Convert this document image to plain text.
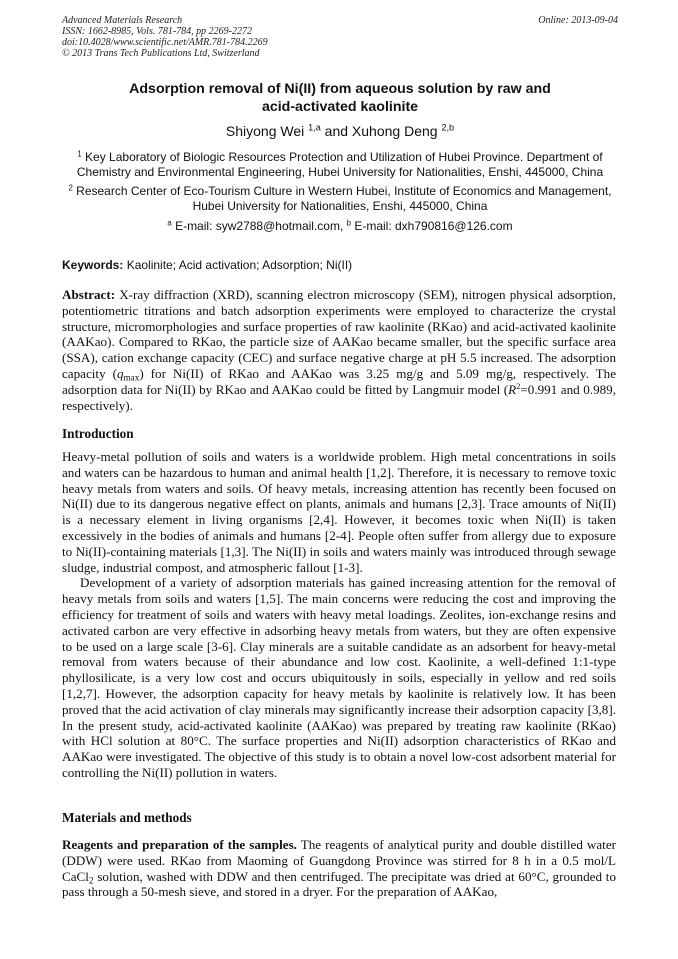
Advanced Materials Research
ISSN: 1662-8985, Vols. 781-784, pp 2269-2272
doi:10.4028/www.scientific.net/AMR.781-784.2269
© 2013 Trans Tech Publications Ltd, Switzerland
Online: 2013-09-04
Adsorption removal of Ni(II) from aqueous solution by raw and
acid-activated kaolinite
Shiyong Wei $^{1,a}$ and Xuhong Deng $^{2,b}$
$^1$ Key Laboratory of Biologic Resources Protection and Utilization of Hubei Province. Department of Chemistry and Environmental Engineering, Hubei University for Nationalities, Enshi, 445000, China
$^2$ Research Center of Eco-Tourism Culture in Western Hubei, Institute of Economics and Management, Hubei University for Nationalities, Enshi, 445000, China
$^a$ E-mail: syw2788@hotmail.com, $^b$ E-mail: dxh790816@126.com
Keywords: Kaolinite; Acid activation; Adsorption; Ni(II)

Abstract: X-ray diffraction (XRD), scanning electron microscopy (SEM), nitrogen physical adsorption, potentiometric titrations and batch adsorption experiments were employed to characterize the crystal structure, micromorphologies and surface properties of raw kaolinite (RKao) and acid-activated kaolinite (AAKao). Compared to RKao, the particle size of AAKao became smaller, but the specific surface area (SSA), cation exchange capacity (CEC) and surface negative charge at pH 5.5 increased. The adsorption capacity $(q_{max})$ for Ni(II) of RKao and AAKao was 3.25 mg/g and 5.09 mg/g, respectively. The adsorption data for Ni(II) by RKao and AAKao could be fitted by Langmuir model ($R^2=0.991$ and 0.989, respectively).

Introduction

Heavy-metal pollution of soils and waters is a worldwide problem. High metal concentrations in soils and waters can be hazardous to human and animal health [1,2]. Therefore, it is necessary to remove toxic heavy metals from waters and soils. Of heavy metals, increasing attention has recently been focused on Ni(II) due to its dangerous negative effect on plants, animals and humans [2,3]. Trace amounts of Ni(II) is a necessary element in living organisms [2,4]. However, it becomes toxic when Ni(II) is taken excessively in the bodies of animals and humans [2-4]. People often suffer from allergy due to exposure to Ni(II)-containing materials [1,3]. The Ni(II) in soils and waters mainly was introduced through sewage sludge, industrial compost, and atmospheric fallout [1-3].

Development of a variety of adsorption materials has gained increasing attention for the removal of heavy metals from soils and waters [1,5]. The main concerns were reducing the cost and improving the efficiency for treatment of soils and waters with heavy metal loadings. Zeolites, ion-exchange resins and activated carbon are very effective in adsorbing heavy metals from waters, but they are often expensive to be used on a large scale [3-6]. Clay minerals are a suitable candidate as an adsorbent for heavy-metal removal from waters because of their abundance and low cost. Kaolinite, a well-defined 1:1-type phyllosilicate, is a very low cost and occurs ubiquitously in soils, especially in yellow and red soils [1,2,7]. However, the adsorption capacity for heavy metals by kaolinite is relatively low. It has been proved that the acid activation of clay minerals may significantly increase their adsorption capacity [3,8]. In the present study, acid-activated kaolinite (AAKao) was prepared by treating raw kaolinite (RKao) with HCl solution at 80°C. The surface properties and Ni(II) adsorption characteristics of RKao and AAKao were investigated. The objective of this study is to obtain a novel low-cost adsorbent material for controlling the Ni(II) pollution in waters.

Materials and methods

Reagents and preparation of the samples. The reagents of analytical purity and double distilled water (DDW) were used. RKao from Maoming of Guangdong Province was stirred for 8 h in a 0.5 mol/L CaCl$_2$ solution, washed with DDW and then centrifuged. The precipitate was dried at 60°C, grounded to pass through a 50-mesh sieve, and stored in a dryer. For the preparation of AAKao,
